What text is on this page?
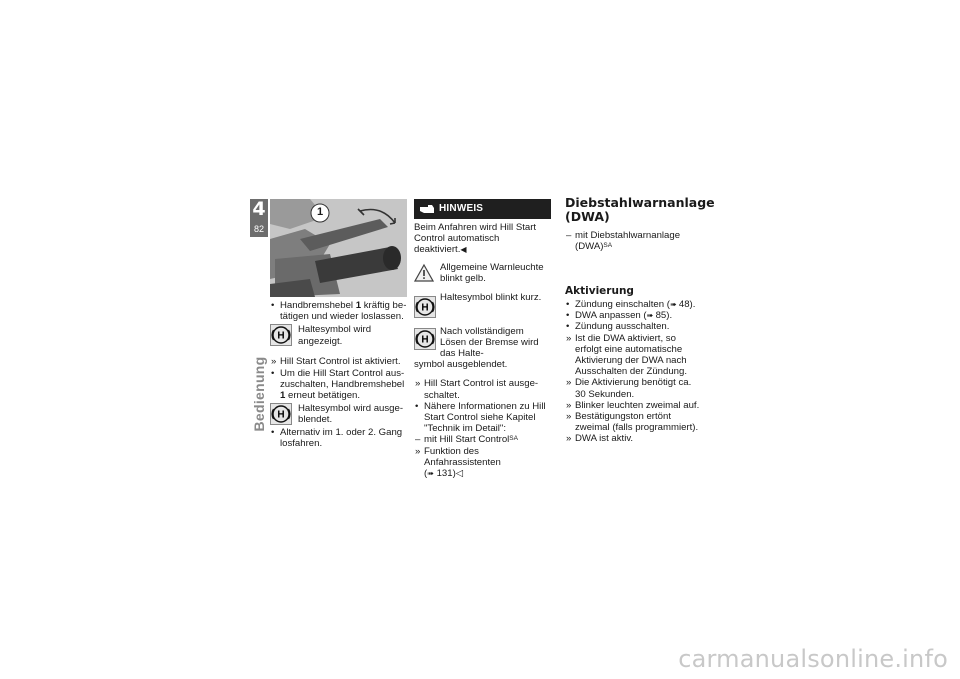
4
82
Bedienung
1
• Handbremshebel 1 kräftig be-tätigen und wieder loslassen.
H
Haltesymbol wird angezeigt.
» Hill Start Control ist aktiviert.
• Um die Hill Start Control aus-zuschalten, Handbremshebel 1 erneut betätigen.
H
Haltesymbol wird ausge-blendet.
• Alternativ im 1. oder 2. Gang losfahren.
HINWEIS

Beim Anfahren wird Hill Start Control automatisch deaktiviert.◀

Allgemeine Warnleuchte blinkt gelb.
H
Haltesymbol blinkt kurz.
H
Nach vollständigem Lösen der Bremse wird das Halte-

symbol ausgeblendet.

» Hill Start Control ist ausge-schaltet.
• Nähere Informationen zu Hill Start Control siehe Kapitel "Technik im Detail":
– mit Hill Start Control$^{SA}$
» Funktion des Anfahrassistenten
(➠ 131)◁
Diebstahlwarnanlage (DWA)
– mit Diebstahlwarnanlage (DWA)$^{SA}$
Aktivierung
• Zündung einschalten (➠ 48).
• DWA anpassen (➠ 85).
• Zündung ausschalten.
» Ist die DWA aktiviert, so erfolgt eine automatische Aktivierung der DWA nach Ausschalten der Zündung.
» Die Aktivierung benötigt ca. 30 Sekunden.
» Blinker leuchten zweimal auf.
» Bestätigungston ertönt zweimal (falls programmiert).
» DWA ist aktiv.
carmanualsonline.info
